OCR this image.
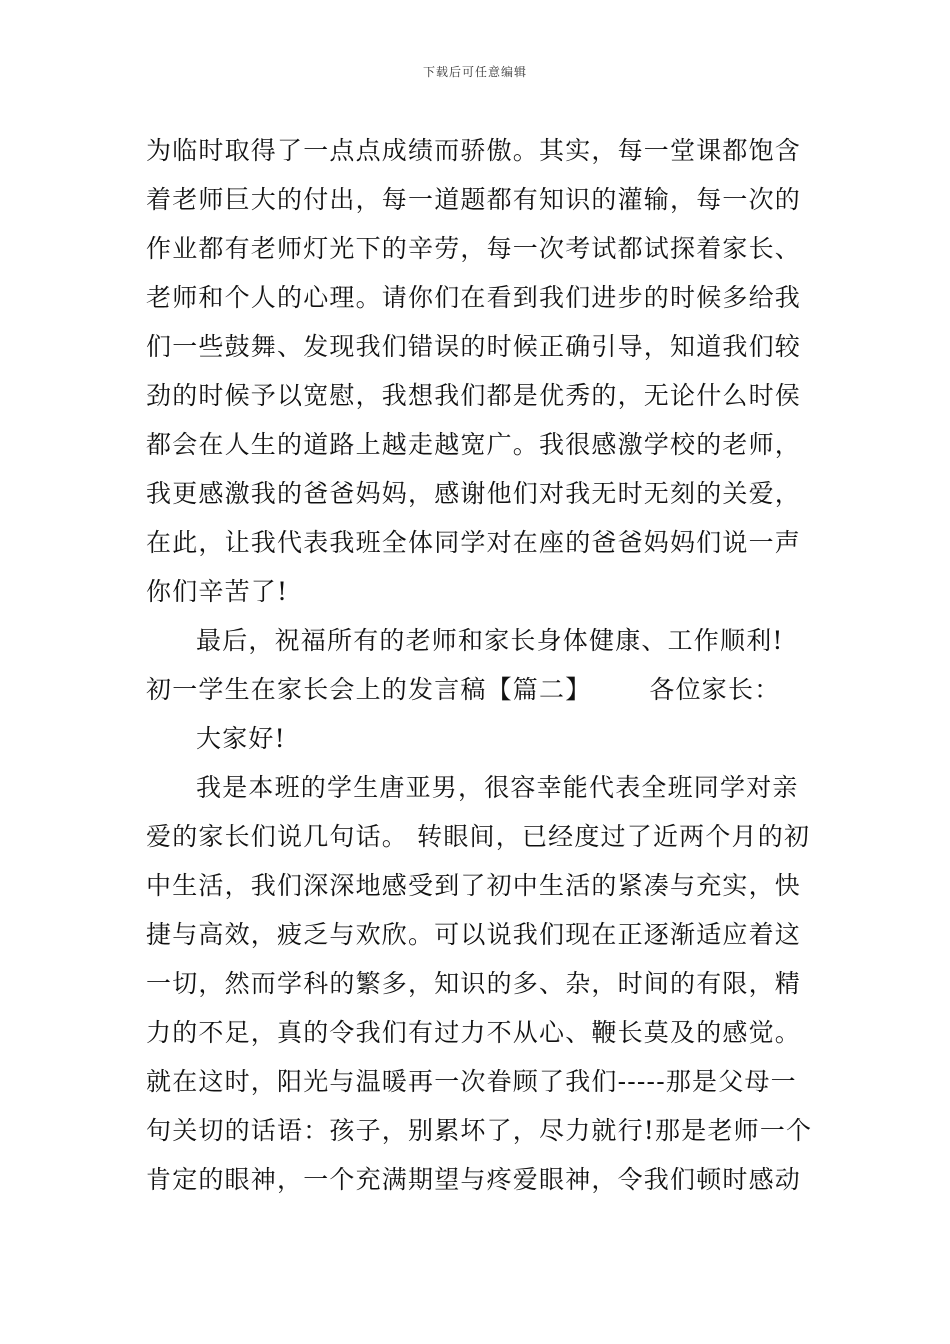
下载后可任意编辑
为临时取得了一点点成绩而骄傲。其实，每一堂课都饱含
着老师巨大的付出，每一道题都有知识的灌输，每一次的
作业都有老师灯光下的辛劳，每一次考试都试探着家长、
老师和个人的心理。请你们在看到我们进步的时候多给我
们一些鼓舞、发现我们错误的时候正确引导，知道我们较
劲的时候予以宽慰，我想我们都是优秀的，无论什么时侯
都会在人生的道路上越走越宽广。我很感激学校的老师，
我更感激我的爸爸妈妈，感谢他们对我无时无刻的关爱，
在此，让我代表我班全体同学对在座的爸爸妈妈们说一声
你们辛苦了!
最后，祝福所有的老师和家长身体健康、工作顺利!
初一学生在家长会上的发言稿【篇二】 各位家长：
大家好!
我是本班的学生唐亚男，很容幸能代表全班同学对亲
爱的家长们说几句话。 转眼间，已经度过了近两个月的初
中生活，我们深深地感受到了初中生活的紧凑与充实，快
捷与高效，疲乏与欢欣。可以说我们现在正逐渐适应着这
一切，然而学科的繁多，知识的多、杂，时间的有限，精
力的不足，真的令我们有过力不从心、鞭长莫及的感觉。
就在这时，阳光与温暖再一次眷顾了我们-----那是父母一
句关切的话语：孩子，别累坏了，尽力就行!那是老师一个
肯定的眼神，一个充满期望与疼爱眼神，令我们顿时感动
